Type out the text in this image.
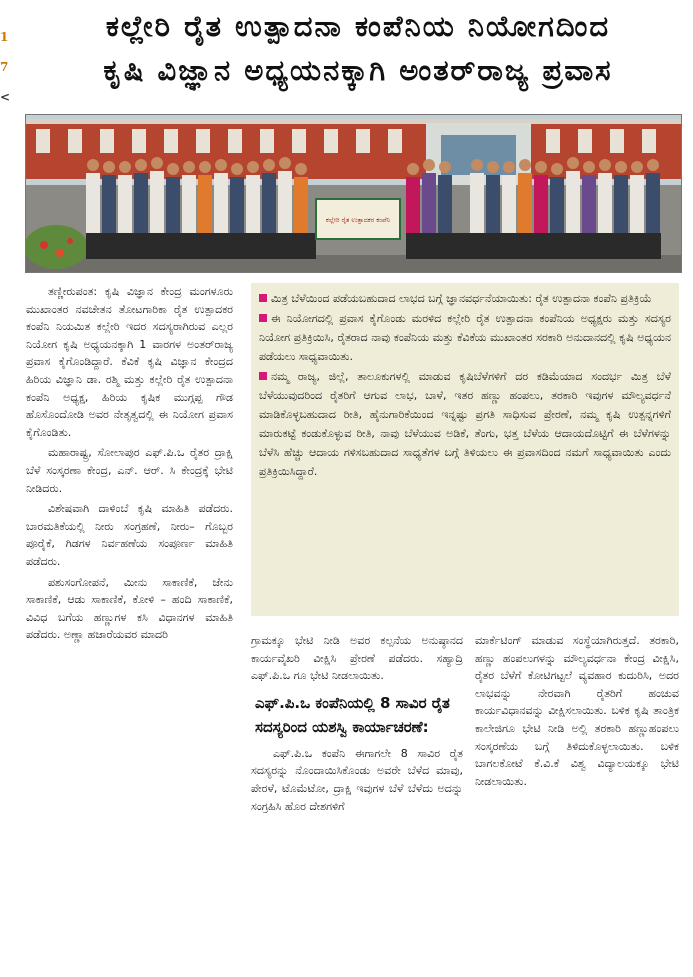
1
7
<
ಕಲ್ಲೇರಿ ರೈತ ಉತ್ಪಾದನಾ ಕಂಪೆನಿಯ ನಿಯೋಗದಿಂದ
ಕೃಷಿ ವಿಜ್ಞಾನ ಅಧ್ಯಯನಕ್ಕಾಗಿ ಅಂತರ್‌ರಾಜ್ಯ ಪ್ರವಾಸ
ಕಲ್ಲೇರಿ ರೈತ ಉತ್ಪಾದಕರ ಕಂಪೆನಿ

ತಣ್ಣೀರುಪಂತ: ಕೃಷಿ ವಿಜ್ಞಾನ ಕೇಂದ್ರ ಮಂಗಳೂರು ಮುಖಾಂತರ ನವಚೇತನ ತೋಟಗಾರಿಕಾ ರೈತ ಉತ್ಪಾದಕರ ಕಂಪೆನಿ ನಿಯಮಿತ ಕಲ್ಲೇರಿ ಇದರ ಸದಸ್ಯರಾಗಿರುವ ಎಲ್ಲರ ನಿಯೋಗ ಕೃಷಿ ಅಧ್ಯಯನಕ್ಕಾಗಿ 1 ವಾರಗಳ ಅಂತರ್‌ರಾಜ್ಯ ಪ್ರವಾಸ ಕೈಗೊಂಡಿದ್ದಾರೆ. ಕೆವಿಕೆ ಕೃಷಿ ವಿಜ್ಞಾನ ಕೇಂದ್ರದ ಹಿರಿಯ ವಿಜ್ಞಾನಿ ಡಾ. ರಶ್ಮಿ ಮತ್ತು ಕಲ್ಲೇರಿ ರೈತ ಉತ್ಪಾದನಾ ಕಂಪೆನಿ ಅಧ್ಯಕ್ಷ, ಹಿರಿಯ ಕೃಷಿಕ ಮುಗ್ಗಪ್ಪ ಗೌಡ ಹೊಸೊಂದೋಡಿ ಅವರ ನೇತೃತ್ವದಲ್ಲಿ ಈ ನಿಯೋಗ ಪ್ರವಾಸ ಕೈಗೊಂಡಿತು.

ಮಹಾರಾಷ್ಟ್ರ, ಸೋಲಾಪುರ ಎಫ್.ಪಿ.ಒ ರೈತರ ದ್ರಾಕ್ಷಿ ಬೆಳೆ ಸಂಸ್ಕರಣಾ ಕೇಂದ್ರ, ಎನ್. ಆರ್. ಸಿ ಕೇಂದ್ರಕ್ಕೆ ಭೇಟಿ ನೀಡಿದರು.

ವಿಶೇಷವಾಗಿ ದಾಳಿಂಬೆ ಕೃಷಿ ಮಾಹಿತಿ ಪಡೆದರು. ಬಾರಮತಿಕೆಯಲ್ಲಿ ನೀರು ಸಂಗ್ರಹಣೆ, ನೀರು– ಗೊಬ್ಬರ ಪೂರೈಕೆ, ಗಿಡಗಳ ನಿರ್ವಹಣೆಯ ಸಂಪೂರ್ಣ ಮಾಹಿತಿ ಪಡೆದರು.

ಪಶುಸಂಗೋಪನೆ, ಮೀನು ಸಾಕಾಣಿಕೆ, ಜೇನು ಸಾಕಾಣಿಕೆ, ಆಡು ಸಾಕಾಣಿಕೆ, ಕೋಳಿ – ಹಂದಿ ಸಾಕಾಣಿಕೆ, ವಿವಿಧ ಬಗೆಯ ಹಣ್ಣುಗಳ ಕಸಿ ವಿಧಾನಗಳ ಮಾಹಿತಿ ಪಡೆದರು. ಅಣ್ಣಾ ಹಜಾರೆಯವರ ಮಾದರಿ

ಮಿತ್ರ ಬೆಳೆಯಿಂದ ಪಡೆಯಬಹುದಾದ ಲಾಭದ ಬಗ್ಗೆ ಜ್ಞಾನವರ್ಧನೆಯಾಯಿತು: ರೈತ ಉತ್ಪಾದನಾ ಕಂಪೆನಿ ಪ್ರತಿಕ್ರಿಯೆ

ಈ ನಿಯೋಗದಲ್ಲಿ ಪ್ರವಾಸ ಕೈಗೊಂಡು ಮರಳಿದ ಕಲ್ಲೇರಿ ರೈತ ಉತ್ಪಾದನಾ ಕಂಪೆನಿಯ ಅಧ್ಯಕ್ಷರು ಮತ್ತು ಸದಸ್ಯರ ನಿಯೋಗ ಪ್ರತಿಕ್ರಿಯಿಸಿ, ರೈತರಾದ ನಾವು ಕಂಪೆನಿಯ ಮತ್ತು ಕೆವಿಕೆಯ ಮುಖಾಂತರ ಸರಕಾರಿ ಅನುದಾನದಲ್ಲಿ ಕೃಷಿ ಅಧ್ಯಯನ ಪಡೆಯಲು ಸಾಧ್ಯವಾಯಿತು.

ನಮ್ಮ ರಾಜ್ಯ, ಜಿಲ್ಲೆ, ತಾಲೂಕುಗಳಲ್ಲಿ ಮಾಡುವ ಕೃಷಿಬೆಳೆಗಳಿಗೆ ದರ ಕಡಿಮೆಯಾದ ಸಂದರ್ಭ ಮಿತ್ರ ಬೆಳೆ ಬೆಳೆಯುವುದರಿಂದ ರೈತರಿಗೆ ಆಗುವ ಲಾಭ, ಬಾಳೆ, ಇತರ ಹಣ್ಣು ಹಂಪಲು, ತರಕಾರಿ ಇವುಗಳ ಮೌಲ್ಯವರ್ಧನೆ ಮಾಡಿಕೊಳ್ಳಬಹುದಾದ ರೀತಿ, ಹೈನುಗಾರಿಕೆಯಿಂದ ಇನ್ನಷ್ಟು ಪ್ರಗತಿ ಸಾಧಿಸುವ ಪ್ರೇರಣೆ, ನಮ್ಮ ಕೃಷಿ ಉತ್ಪನ್ನಗಳಿಗೆ ಮಾರುಕಟ್ಟೆ ಕಂಡುಕೊಳ್ಳುವ ರೀತಿ, ನಾವು ಬೆಳೆಯುವ ಅಡಿಕೆ, ತೆಂಗು, ಭತ್ತ ಬೆಳೆಯ ಆದಾಯದೊಟ್ಟಿಗೆ ಈ ಬೆಳೆಗಳನ್ನು ಬೆಳೆಸಿ ಹೆಚ್ಚು ಆದಾಯ ಗಳಿಸಬಹುದಾದ ಸಾಧ್ಯತೆಗಳ ಬಗ್ಗೆ ತಿಳಿಯಲು ಈ ಪ್ರವಾಸದಿಂದ ನಮಗೆ ಸಾಧ್ಯವಾಯಿತು ಎಂದು ಪ್ರತಿಕ್ರಿಯಿಸಿದ್ದಾರೆ.

ಗ್ರಾಮಕ್ಕೂ ಭೇಟಿ ನೀಡಿ ಅವರ ಕಲ್ಪನೆಯ ಅನುಷ್ಠಾನದ ಕಾರ್ಯವೈಖರಿ ವೀಕ್ಷಿಸಿ ಪ್ರೇರಣೆ ಪಡೆದರು. ಸಹ್ಯಾದ್ರಿ ಎಫ್.ಪಿ.ಒ ಗೂ ಭೇಟಿ ನೀಡಲಾಯಿತು.

ಎಫ್.ಪಿ.ಒ ಕಂಪೆನಿಯಲ್ಲಿ 8 ಸಾವಿರ ರೈತ ಸದಸ್ಯರಿಂದ ಯಶಸ್ವಿ ಕಾರ್ಯಾಚರಣೆ:

ಎಫ್.ಪಿ.ಒ ಕಂಪೆನಿ ಈಗಾಗಲೇ 8 ಸಾವಿರ ರೈತ ಸದಸ್ಯರನ್ನು ನೊಂದಾಯಿಸಿಕೊಂಡು ಅವರೇ ಬೆಳೆದ ಮಾವು, ಪೇರಳೆ, ಟೊಮೆಟೋ, ದ್ರಾಕ್ಷಿ ಇವುಗಳ ಬೆಳೆ ಬೆಳೆದು ಅದನ್ನು ಸಂಗ್ರಹಿಸಿ ಹೊರ ದೇಶಗಳಿಗೆ

ಮಾರ್ಕೆಟಿಂಗ್ ಮಾಡುವ ಸಂಸ್ಥೆಯಾಗಿರುತ್ತದೆ. ತರಕಾರಿ, ಹಣ್ಣು ಹಂಪಲುಗಳನ್ನು ಮೌಲ್ಯವರ್ಧನಾ ಕೇಂದ್ರ ವೀಕ್ಷಿಸಿ, ರೈತರ ಬೆಳೆಗೆ ಕೋಟಿಗಟ್ಟಲೆ ವ್ಯವಹಾರ ಕುದುರಿಸಿ, ಅದರ ಲಾಭವನ್ನು ನೇರವಾಗಿ ರೈತರಿಗೆ ಹಂಚುವ ಕಾರ್ಯವಿಧಾನವನ್ನು ವೀಕ್ಷಿಸಲಾಯಿತು. ಬಳಿಕ ಕೃಷಿ ತಾಂತ್ರಿಕ ಕಾಲೇಜಿಗೂ ಭೇಟಿ ನೀಡಿ ಅಲ್ಲಿ ತರಕಾರಿ ಹಣ್ಣುಹಂಪಲು ಸಂಸ್ಕರಣೆಯ ಬಗ್ಗೆ ತಿಳಿದುಕೊಳ್ಳಲಾಯಿತು. ಬಳಿಕ ಬಾಗಲಕೋಟೆ ಕೆ.ವಿ.ಕೆ ವಿಶ್ವ ವಿದ್ಯಾಲಯಕ್ಕೂ ಭೇಟಿ ನೀಡಲಾಯಿತು.
